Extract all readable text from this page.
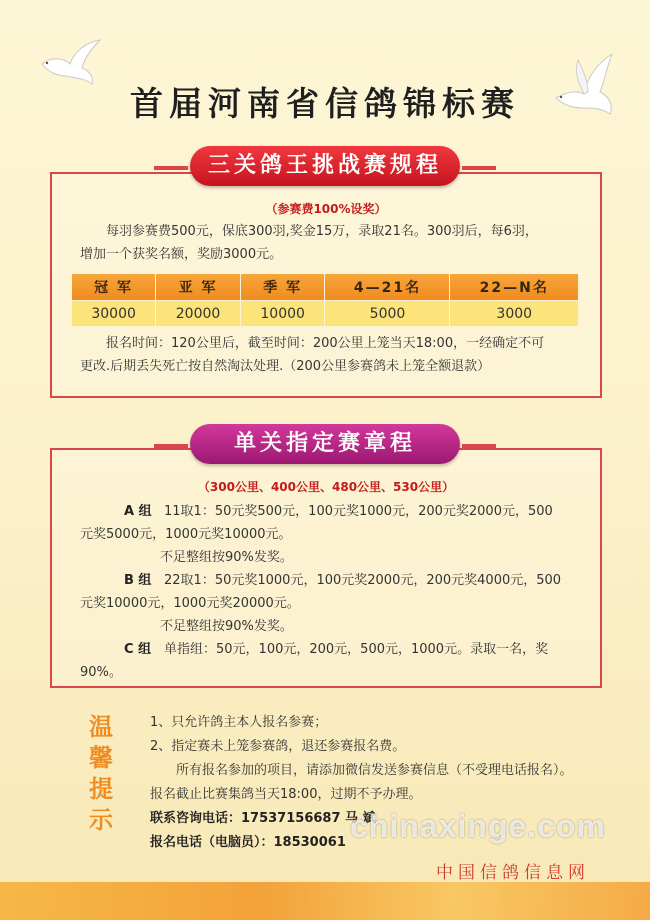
首届河南省信鸽锦标赛
（参赛费100%设奖）
每羽参赛费500元，保底300羽,奖金15万，录取21名。300羽后，每6羽，
增加一个获奖名额，奖励3000元。
冠 军	亚 军	季 军	4—21名	22—N名
30000	20000	10000	5000	3000
报名时间：120公里后，截至时间：200公里上笼当天18:00，一经确定不可
更改.后期丢失死亡按自然淘汰处理.（200公里参赛鸽未上笼全额退款）
三关鸽王挑战赛规程
（300公里、400公里、480公里、530公里）
A 组 11取1：50元奖500元，100元奖1000元，200元奖2000元，500
元奖5000元，1000元奖10000元。
不足整组按90%发奖。
B 组 22取1：50元奖1000元，100元奖2000元，200元奖4000元，500
元奖10000元，1000元奖20000元。
不足整组按90%发奖。
C 组 单指组：50元，100元，200元，500元，1000元。录取一名，奖
90%。
单关指定赛章程
温
馨
提
示
1、只允许鸽主本人报名参赛；
2、指定赛未上笼参赛鸽，退还参赛报名费。
所有报名参加的项目，请添加微信发送参赛信息（不受理电话报名）。
报名截止比赛集鸽当天18:00，过期不予办理。
联系咨询电话：17537156687 马 斌
报名电话（电脑员）：18530061 chinaxinge.com
中国信鸽信息网
